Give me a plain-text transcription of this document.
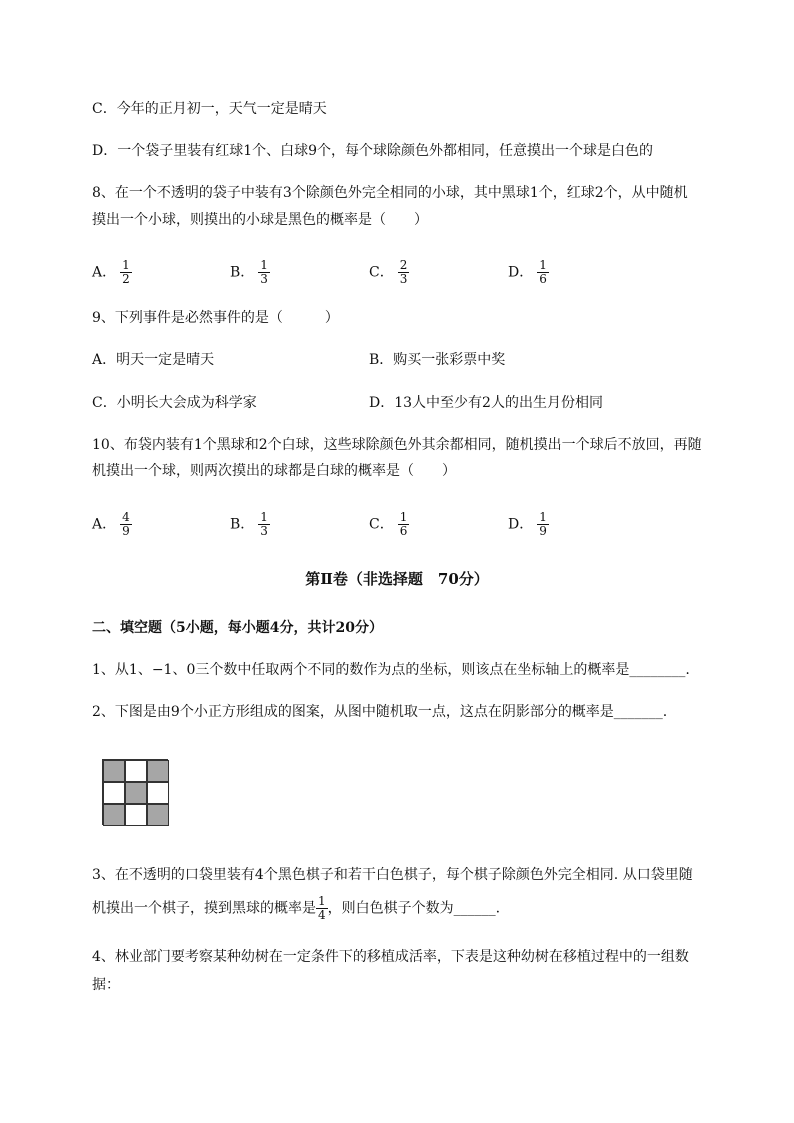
C．今年的正月初一，天气一定是晴天
D．一个袋子里装有红球1个、白球9个，每个球除颜色外都相同，任意摸出一个球是白色的
8、在一个不透明的袋子中装有3个除颜色外完全相同的小球，其中黑球1个，红球2个，从中随机
摸出一个小球，则摸出的小球是黑色的概率是（　　）
A． $\frac{1}{2}$	B． $\frac{1}{3}$	C． $\frac{2}{3}$	D． $\frac{1}{6}$
9、下列事件是必然事件的是（　　　）
A．明天一定是晴天	B．购买一张彩票中奖
C．小明长大会成为科学家	D．13人中至少有2人的出生月份相同
10、布袋内装有1个黑球和2个白球，这些球除颜色外其余都相同，随机摸出一个球后不放回，再随
机摸出一个球，则两次摸出的球都是白球的概率是（　　）
A． $\frac{4}{9}$	B． $\frac{1}{3}$	C． $\frac{1}{6}$	D． $\frac{1}{9}$
第Ⅱ卷（非选择题　70分）
二、填空题（5小题，每小题4分，共计20分）
1、从1、−1、0三个数中任取两个不同的数作为点的坐标，则该点在坐标轴上的概率是________.
2、下图是由9个小正方形组成的图案，从图中随机取一点，这点在阴影部分的概率是_______.
3、在不透明的口袋里装有4个黑色棋子和若干白色棋子，每个棋子除颜色外完全相同. 从口袋里随
机摸出一个棋子，摸到黑球的概率是 $\frac{1}{4}$ ，则白色棋子个数为______.
4、林业部门要考察某种幼树在一定条件下的移植成活率，下表是这种幼树在移植过程中的一组数
据：
